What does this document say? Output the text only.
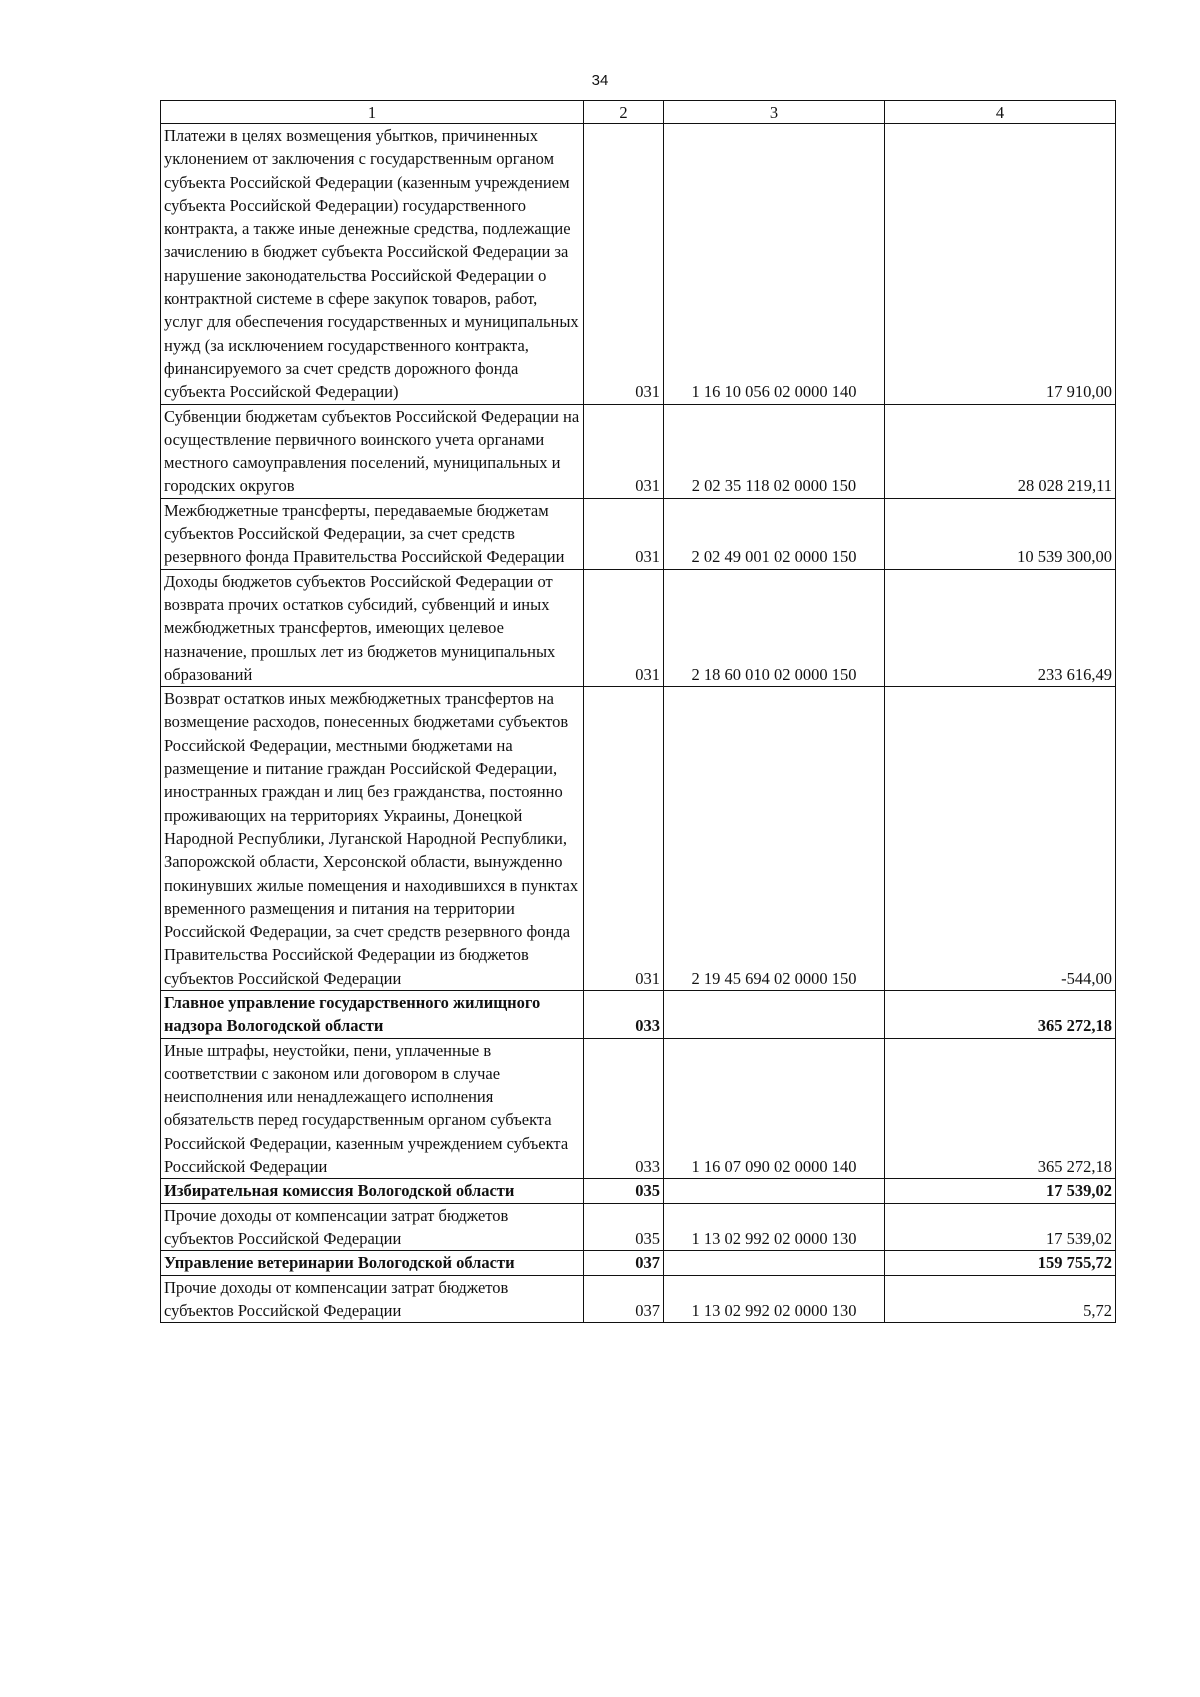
34
1	2	3	4
Платежи в целях возмещения убытков, причиненных уклонением от заключения с государственным органом субъекта Российской Федерации (казенным учреждением субъекта Российской Федерации) государственного контракта, а также иные денежные средства, подлежащие зачислению в бюджет субъекта Российской Федерации за нарушение законодательства Российской Федерации о контрактной системе в сфере закупок товаров, работ, услуг для обеспечения государственных и муниципальных нужд (за исключением государственного контракта, финансируемого за счет средств дорожного фонда субъекта Российской Федерации)	031	1 16 10 056 02 0000 140	17 910,00
Субвенции бюджетам субъектов Российской Федерации на осуществление первичного воинского учета органами местного самоуправления поселений, муниципальных и городских округов	031	2 02 35 118 02 0000 150	28 028 219,11
Межбюджетные трансферты, передаваемые бюджетам субъектов Российской Федерации, за счет средств резервного фонда Правительства Российской Федерации	031	2 02 49 001 02 0000 150	10 539 300,00
Доходы бюджетов субъектов Российской Федерации от возврата прочих остатков субсидий, субвенций и иных межбюджетных трансфертов, имеющих целевое назначение, прошлых лет из бюджетов муниципальных образований	031	2 18 60 010 02 0000 150	233 616,49
Возврат остатков иных межбюджетных трансфертов на возмещение расходов, понесенных бюджетами субъектов Российской Федерации, местными бюджетами на размещение и питание граждан Российской Федерации, иностранных граждан и лиц без гражданства, постоянно проживающих на территориях Украины, Донецкой Народной Республики, Луганской Народной Республики, Запорожской области, Херсонской области, вынужденно покинувших жилые помещения и находившихся в пунктах временного размещения и питания на территории Российской Федерации, за счет средств резервного фонда Правительства Российской Федерации из бюджетов субъектов Российской Федерации	031	2 19 45 694 02 0000 150	-544,00
Главное управление государственного жилищного надзора Вологодской области	033		365 272,18
Иные штрафы, неустойки, пени, уплаченные в соответствии с законом или договором в случае неисполнения или ненадлежащего исполнения обязательств перед государственным органом субъекта Российской Федерации, казенным учреждением субъекта Российской Федерации	033	1 16 07 090 02 0000 140	365 272,18
Избирательная комиссия Вологодской области	035		17 539,02
Прочие доходы от компенсации затрат бюджетов субъектов Российской Федерации	035	1 13 02 992 02 0000 130	17 539,02
Управление ветеринарии Вологодской области	037		159 755,72
Прочие доходы от компенсации затрат бюджетов субъектов Российской Федерации	037	1 13 02 992 02 0000 130	5,72
